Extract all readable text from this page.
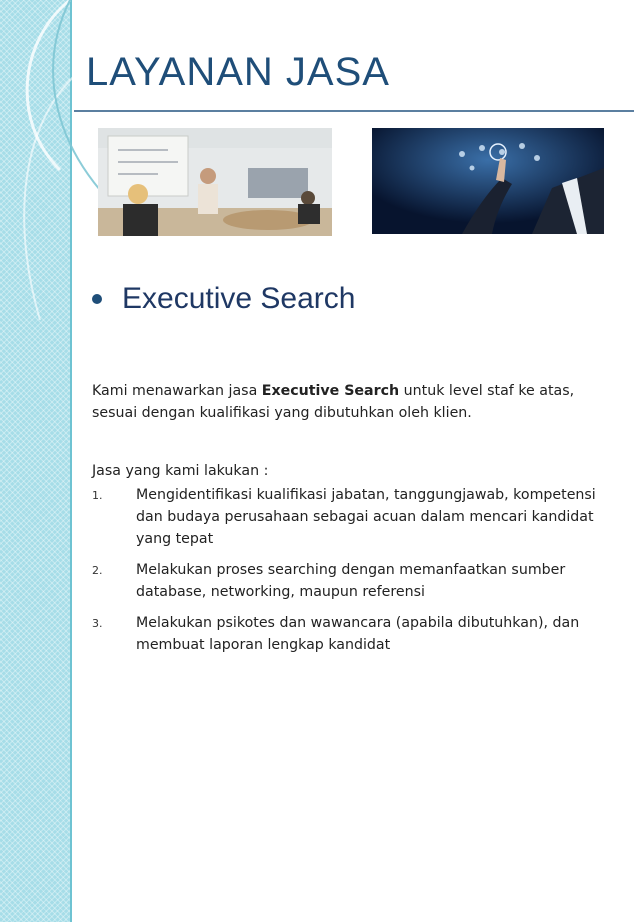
LAYANAN JASA
Executive Search
Kami menawarkan jasa Executive Search untuk level staf ke atas, sesuai dengan kualifikasi yang dibutuhkan oleh klien.
Jasa yang kami lakukan :
1.	Mengidentifikasi kualifikasi jabatan, tanggungjawab, kompetensi dan budaya perusahaan sebagai acuan dalam mencari kandidat yang tepat
2.	Melakukan proses searching dengan memanfaatkan sumber database, networking, maupun referensi
3.	Melakukan psikotes dan wawancara (apabila dibutuhkan), dan membuat laporan lengkap kandidat
